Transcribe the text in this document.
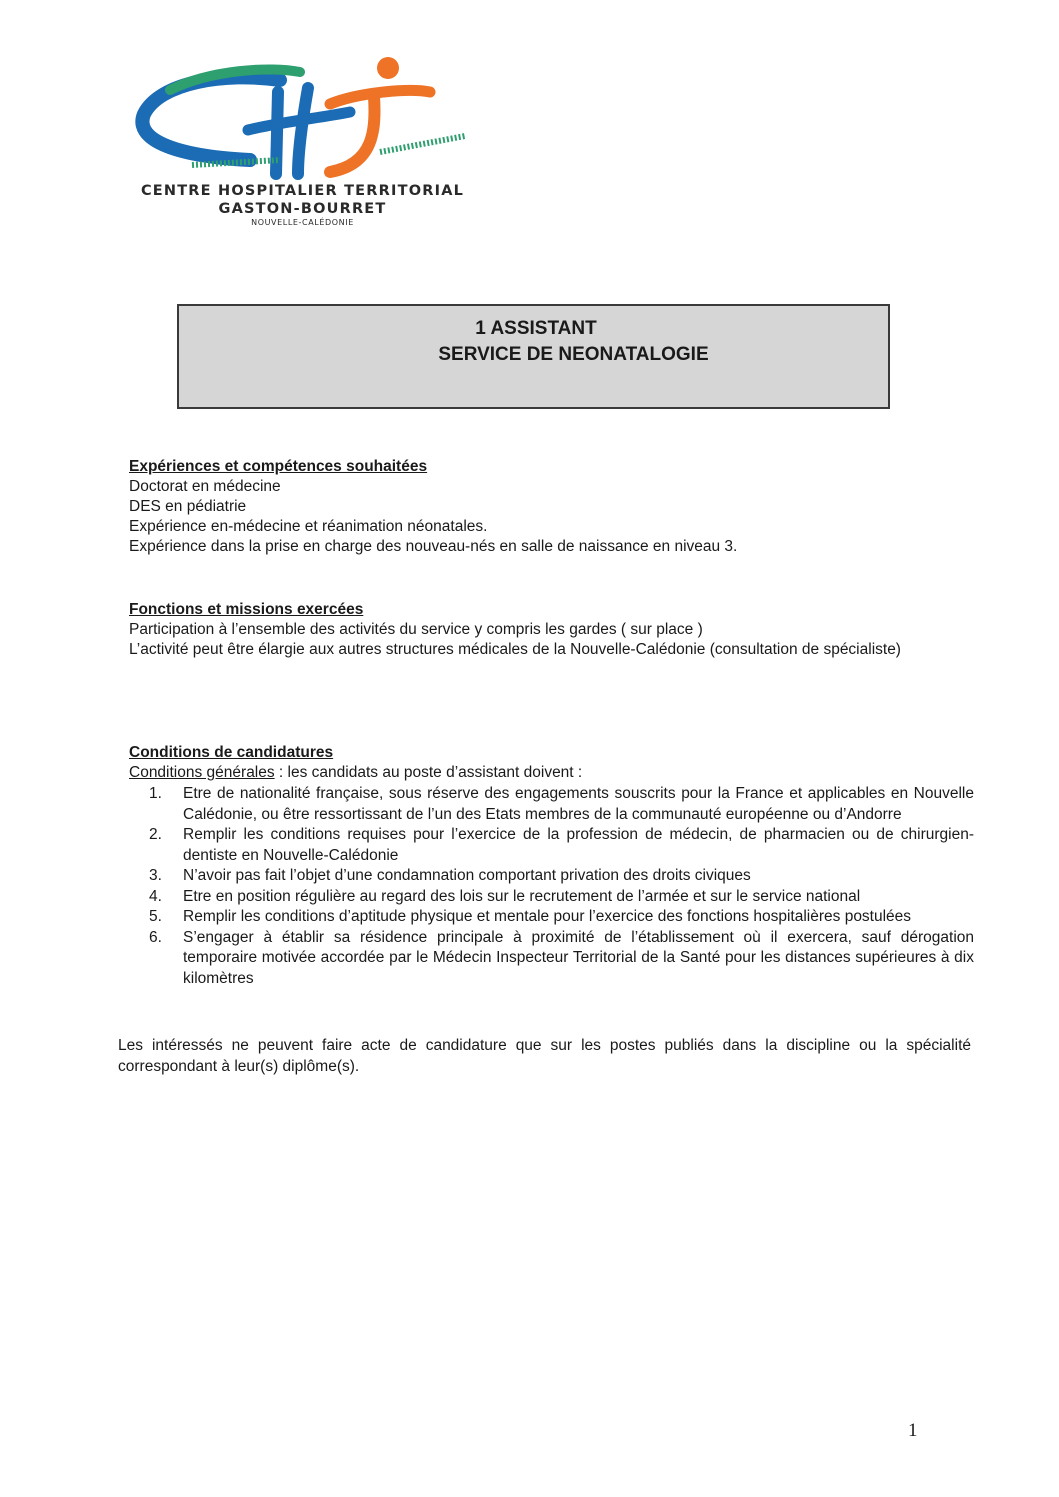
CENTRE HOSPITALIER TERRITORIAL
GASTON-BOURRET
NOUVELLE-CALÉDONIE
1 ASSISTANT
SERVICE DE NEONATALOGIE
Expériences et compétences souhaitées
Doctorat en médecine
DES en pédiatrie
Expérience en-médecine et réanimation néonatales.
Expérience dans la prise en charge des nouveau-nés en salle de naissance en niveau 3.
Fonctions et missions exercées
Participation à l’ensemble des activités du service y compris les gardes ( sur place )
L’activité peut être élargie aux autres structures médicales de la Nouvelle-Calédonie (consultation de spécialiste)
Conditions de candidatures
Conditions générales : les candidats au poste d’assistant doivent :
1. Etre de nationalité française, sous réserve des engagements souscrits pour la France et applicables en Nouvelle Calédonie, ou être ressortissant de l’un des Etats membres de la communauté européenne ou d’Andorre
2. Remplir les conditions requises pour l’exercice de la profession de médecin, de pharmacien ou de chirurgien-dentiste en Nouvelle-Calédonie
3. N’avoir pas fait l’objet d’une condamnation comportant privation des droits civiques
4. Etre en position régulière au regard des lois sur le recrutement de l’armée et sur le service national
5. Remplir les conditions d’aptitude physique et mentale pour l’exercice des fonctions hospitalières postulées
6. S’engager à établir sa résidence principale à proximité de l’établissement où il exercera, sauf dérogation temporaire motivée accordée par le Médecin Inspecteur Territorial de la Santé pour les distances supérieures à dix kilomètres
Les intéressés ne peuvent faire acte de candidature que sur les postes publiés dans la discipline ou la spécialité correspondant à leur(s) diplôme(s).
1
